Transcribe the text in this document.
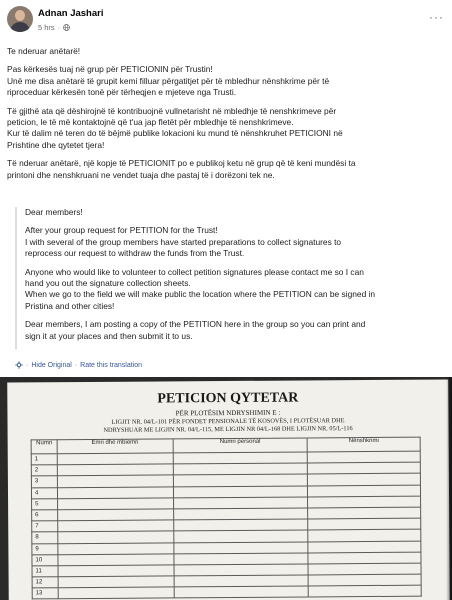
Adnan Jashari
5 hrs ·
···

Te nderuar anëtarë!

Pas kërkesës tuaj në grup për PETICIONIN për Trustin!
Unë me disa anëtarë të grupit kemi filluar përgatitjet për të mbledhur nënshkrime për të
riproceduar kërkesën tonë për tërheqjen e mjeteve nga Trusti.

Të gjithë ata që dëshirojnë të kontribuojnë vullnetarisht në mbledhje të nenshkrimeve për
peticion, le të më kontaktojnë që t'ua jap fletët për mbledhje të nenshkrimeve.
Kur të dalim në teren do të bëjmë publike lokacioni ku mund të nënshkruhet PETICIONI në
Prishtine dhe qytetet tjera!

Të nderuar anëtarë, një kopje të PETICIONIT po e publikoj ketu në grup që të keni mundësi ta
printoni dhe nenshkruani ne vendet tuaja dhe pastaj të i dorëzoni tek ne.

Dear members!

After your group request for PETITION for the Trust!
I with several of the group members have started preparations to collect signatures to
reprocess our request to withdraw the funds from the Trust.

Anyone who would like to volunteer to collect petition signatures please contact me so I can
hand you out the signature collection sheets.
When we go to the field we will make public the location where the PETITION can be signed in
Pristina and other cities!

Dear members, I am posting a copy of the PETITION here in the group so you can print and
sign it at your places and then submit it to us.

· Hide Original · Rate this translation
PETICION QYTETAR
PËR PLOTËSIM NDRYSHIMIN E :
LIGJIT NR. 04/L-101 PËR FONDET PENSIONALE TË KOSOVËS, I PLOTËSUAR DHE
NDRYSHUAR ME LIGJIN NR. 04/L-115, ME LIGJIN NR 04/L-168 DHE LIGJIN NR. 05/L-116
Numri	Emri dhe mbiemri	Numri personal	Nënshkrimi
1			
2			
3			
4			
5			
6			
7			
8			
9			
10			
11			
12			
13			
